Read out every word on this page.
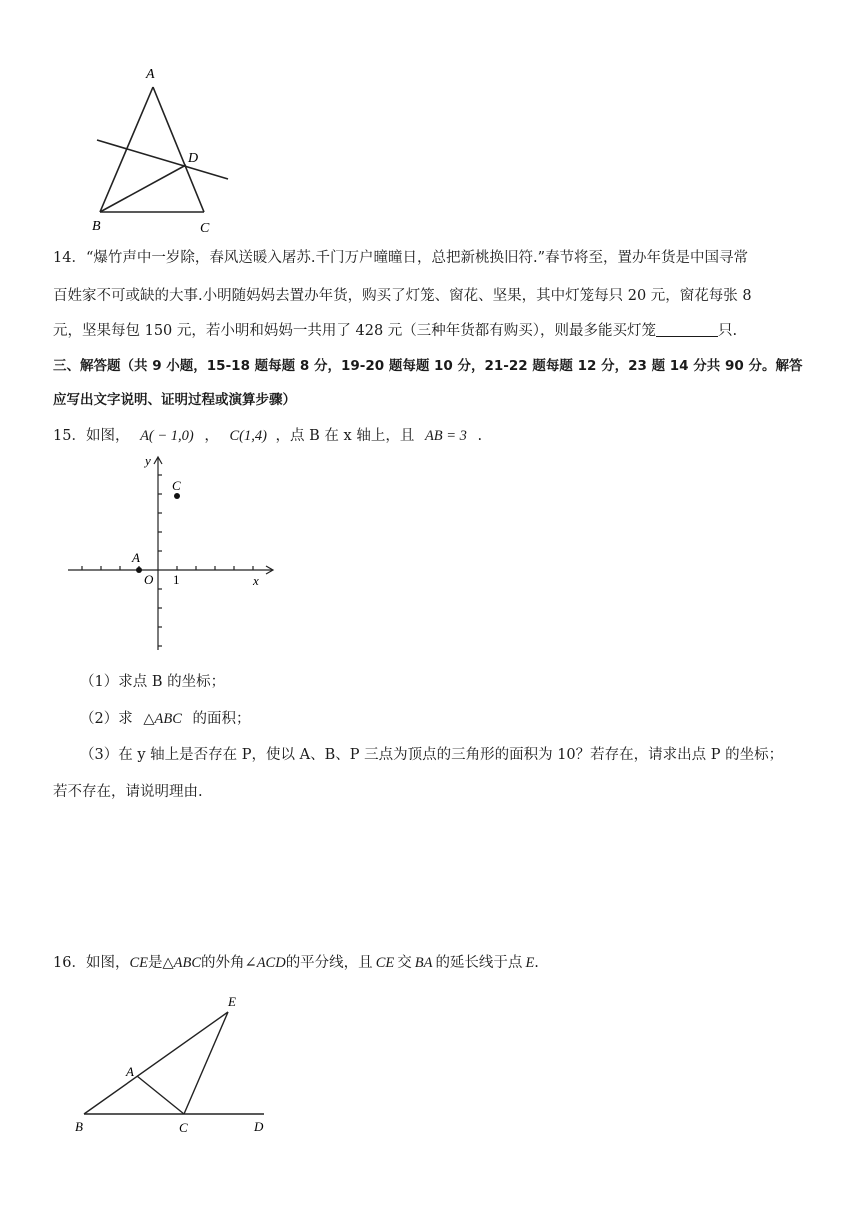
A
D
B	C
14．“爆竹声中一岁除，春风送暖入屠苏.千门万户曈曈日，总把新桃换旧符.”春节将至，置办年货是中国寻常
百姓家不可或缺的大事.小明随妈妈去置办年货，购买了灯笼、窗花、坚果，其中灯笼每只 20 元，窗花每张 8
元，坚果每包 150 元，若小明和妈妈一共用了 428 元（三种年货都有购买），则最多能买灯笼	只.
三、解答题（共 9 小题，15-18 题每题 8 分，19-20 题每题 10 分，21-22 题每题 12 分，23 题 14 分共 90 分。解答
应写出文字说明、证明过程或演算步骤）
15．如图， A( − 1,0) ， C(1,4) ，点 B 在 x 轴上，且 AB = 3 .
y
x
C
A
O 1
（1）求点 B 的坐标；
（2）求 △ABC 的面积；
（3）在 y 轴上是否存在 P，使以 A、B、P 三点为顶点的三角形的面积为 10？若存在，请求出点 P 的坐标；
若不存在，请说明理由.
16．如图，CE是△ABC的外角∠ACD的平分线，且 CE 交 BA 的延长线于点 E.
E
A
B	C	D
